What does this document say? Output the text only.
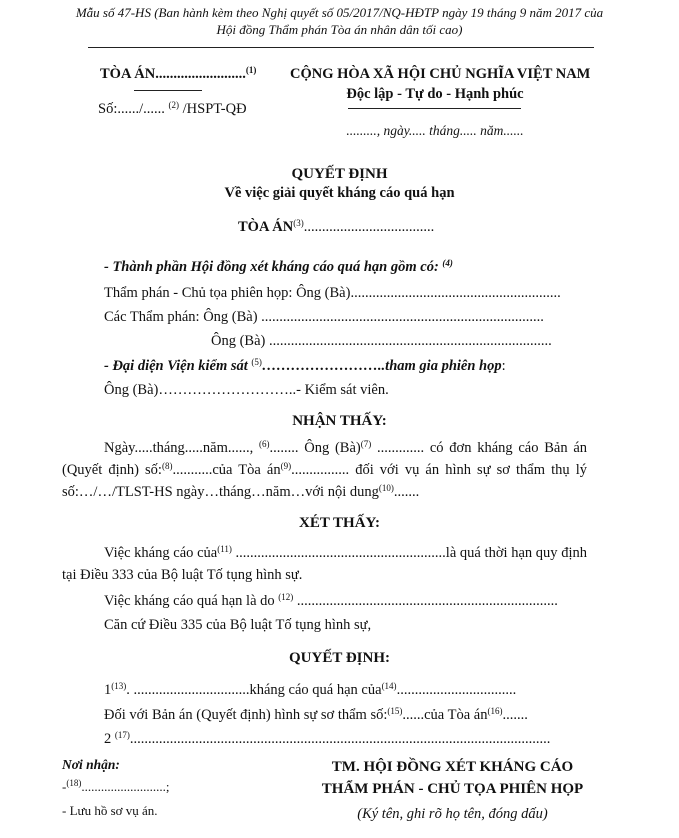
Mẫu số 47-HS (Ban hành kèm theo Nghị quyết số 05/2017/NQ-HĐTP ngày 19 tháng 9 năm 2017 của
Hội đồng Thẩm phán Tòa án nhân dân tối cao)
TÒA ÁN.........................$^{(1)}$
Số:....../...... $^{(2)}$ /HSPT-QĐ
CỘNG HÒA XÃ HỘI CHỦ NGHĨA VIỆT NAM
Độc lập - Tự do - Hạnh phúc
........., ngày..... tháng..... năm......
QUYẾT ĐỊNH
Về việc giải quyết kháng cáo quá hạn
TÒA ÁN$^{(3)}$....................................
- Thành phần Hội đồng xét kháng cáo quá hạn gồm có: $^{(4)}$
Thẩm phán - Chủ tọa phiên họp: Ông (Bà)..........................................................
Các Thẩm phán: Ông (Bà) ..............................................................................
Ông (Bà) ..............................................................................
- Đại diện Viện kiểm sát $^{(5)}$……………………..tham gia phiên họp:
Ông (Bà)………………………..- Kiểm sát viên.
NHẬN THẤY:
Ngày.....tháng.....năm......, $^{(6)}$........ Ông (Bà)$^{(7)}$ ............. có đơn kháng cáo Bản án
(Quyết định) số:$^{(8)}$...........của Tòa $án^{(9)}$................ đối với vụ án hình sự sơ thẩm thụ lý
số:…/…/TLST-HS ngày…tháng…năm…với nội dung$^{(10)}$.......
XÉT THẤY:
Việc kháng cáo của$^{(11)}$ ..........................................................là quá thời hạn quy định
tại Điều 333 của Bộ luật Tố tụng hình sự.
Việc kháng cáo quá hạn là do $^{(12)}$ ........................................................................
Căn cứ Điều 335 của Bộ luật Tố tụng hình sự,
QUYẾT ĐỊNH:
1$^{(13)}$. ................................kháng cáo quá hạn của$^{(14)}$.................................
Đối với Bản án (Quyết định) hình sự sơ thẩm số:$^{(15)}$......của Tòa $án^{(16)}$.......
2 $^{(17)}$....................................................................................................................
Nơi nhận:
-$^{(18)}$..........................;
- Lưu hồ sơ vụ án.
TM. HỘI ĐỒNG XÉT KHÁNG CÁO
THẨM PHÁN - CHỦ TỌA PHIÊN HỌP
(Ký tên, ghi rõ họ tên, đóng dấu)
